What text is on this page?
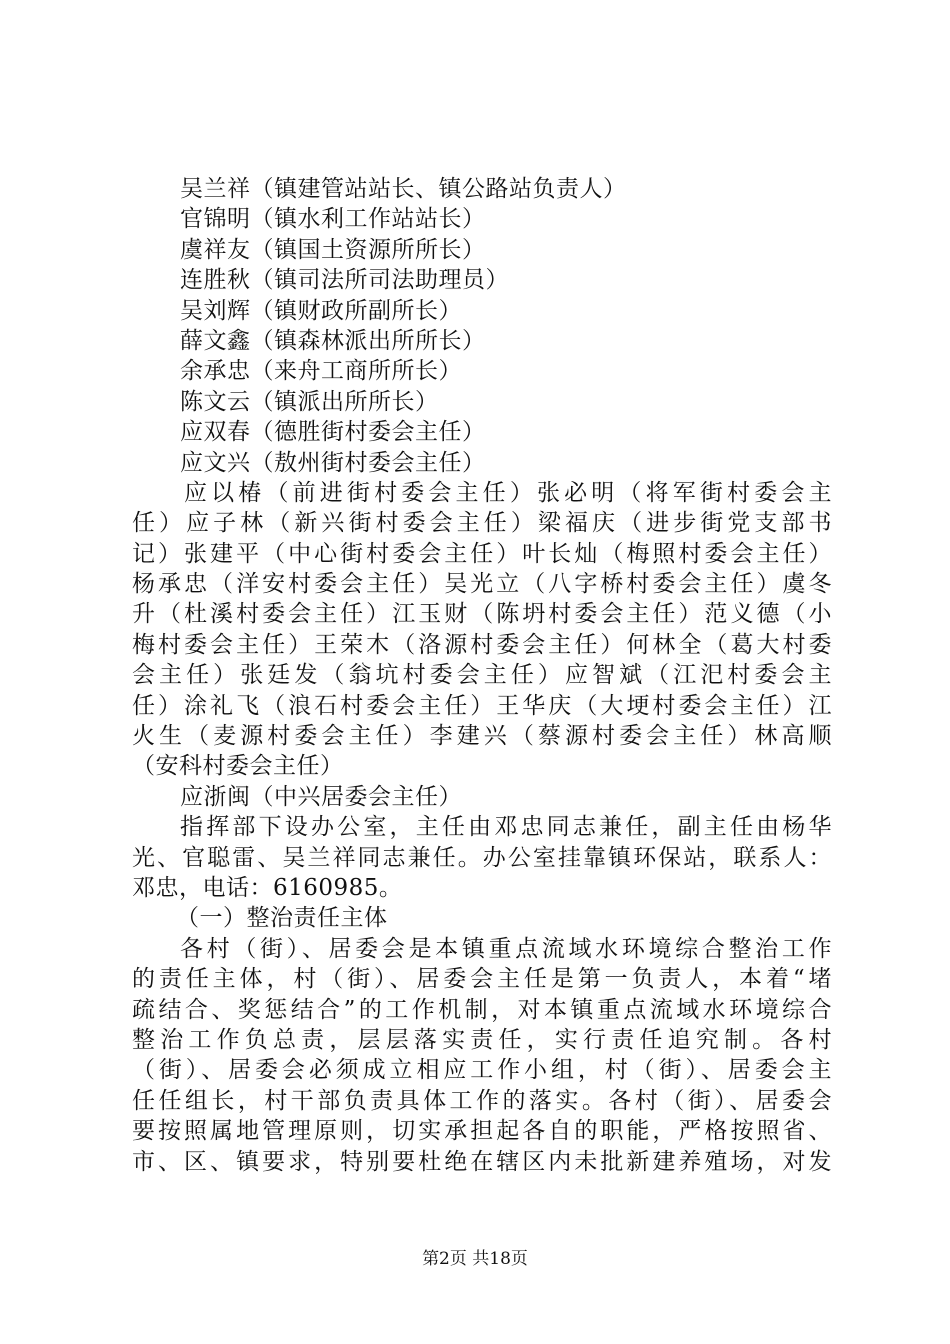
吴兰祥（镇建管站站长、镇公路站负责人）
官锦明（镇水利工作站站长）
虞祥友（镇国土资源所所长）
连胜秋（镇司法所司法助理员）
吴刘辉（镇财政所副所长）
薛文鑫（镇森林派出所所长）
余承忠（来舟工商所所长）
陈文云（镇派出所所长）
应双春（德胜街村委会主任）
应文兴（敖州街村委会主任）
应以椿（前进街村委会主任）张必明（将军街村委会主
任）应子林（新兴街村委会主任）梁福庆（进步街党支部书
记）张建平（中心街村委会主任）叶长灿（梅照村委会主任）
杨承忠（洋安村委会主任）吴光立（八字桥村委会主任）虞冬
升（杜溪村委会主任）江玉财（陈坍村委会主任）范义德（小
梅村委会主任）王荣木（洛源村委会主任）何林全（葛大村委
会主任）张廷发（翁坑村委会主任）应智斌（江汜村委会主
任）涂礼飞（浪石村委会主任）王华庆（大埂村委会主任）江
火生（麦源村委会主任）李建兴（蔡源村委会主任）林高顺
（安科村委会主任）
应浙闽（中兴居委会主任）
指挥部下设办公室，主任由邓忠同志兼任，副主任由杨华
光、官聪雷、吴兰祥同志兼任。办公室挂靠镇环保站，联系人：
邓忠，电话：6160985。
（一）整治责任主体
各村（街）、居委会是本镇重点流域水环境综合整治工作
的责任主体，村（街）、居委会主任是第一负责人，本着“堵
疏结合、奖惩结合”的工作机制，对本镇重点流域水环境综合
整治工作负总责，层层落实责任，实行责任追究制。各村
（街）、居委会必须成立相应工作小组，村（街）、居委会主
任任组长，村干部负责具体工作的落实。各村（街）、居委会
要按照属地管理原则，切实承担起各自的职能，严格按照省、
市、区、镇要求，特别要杜绝在辖区内未批新建养殖场，对发
第2页 共18页
